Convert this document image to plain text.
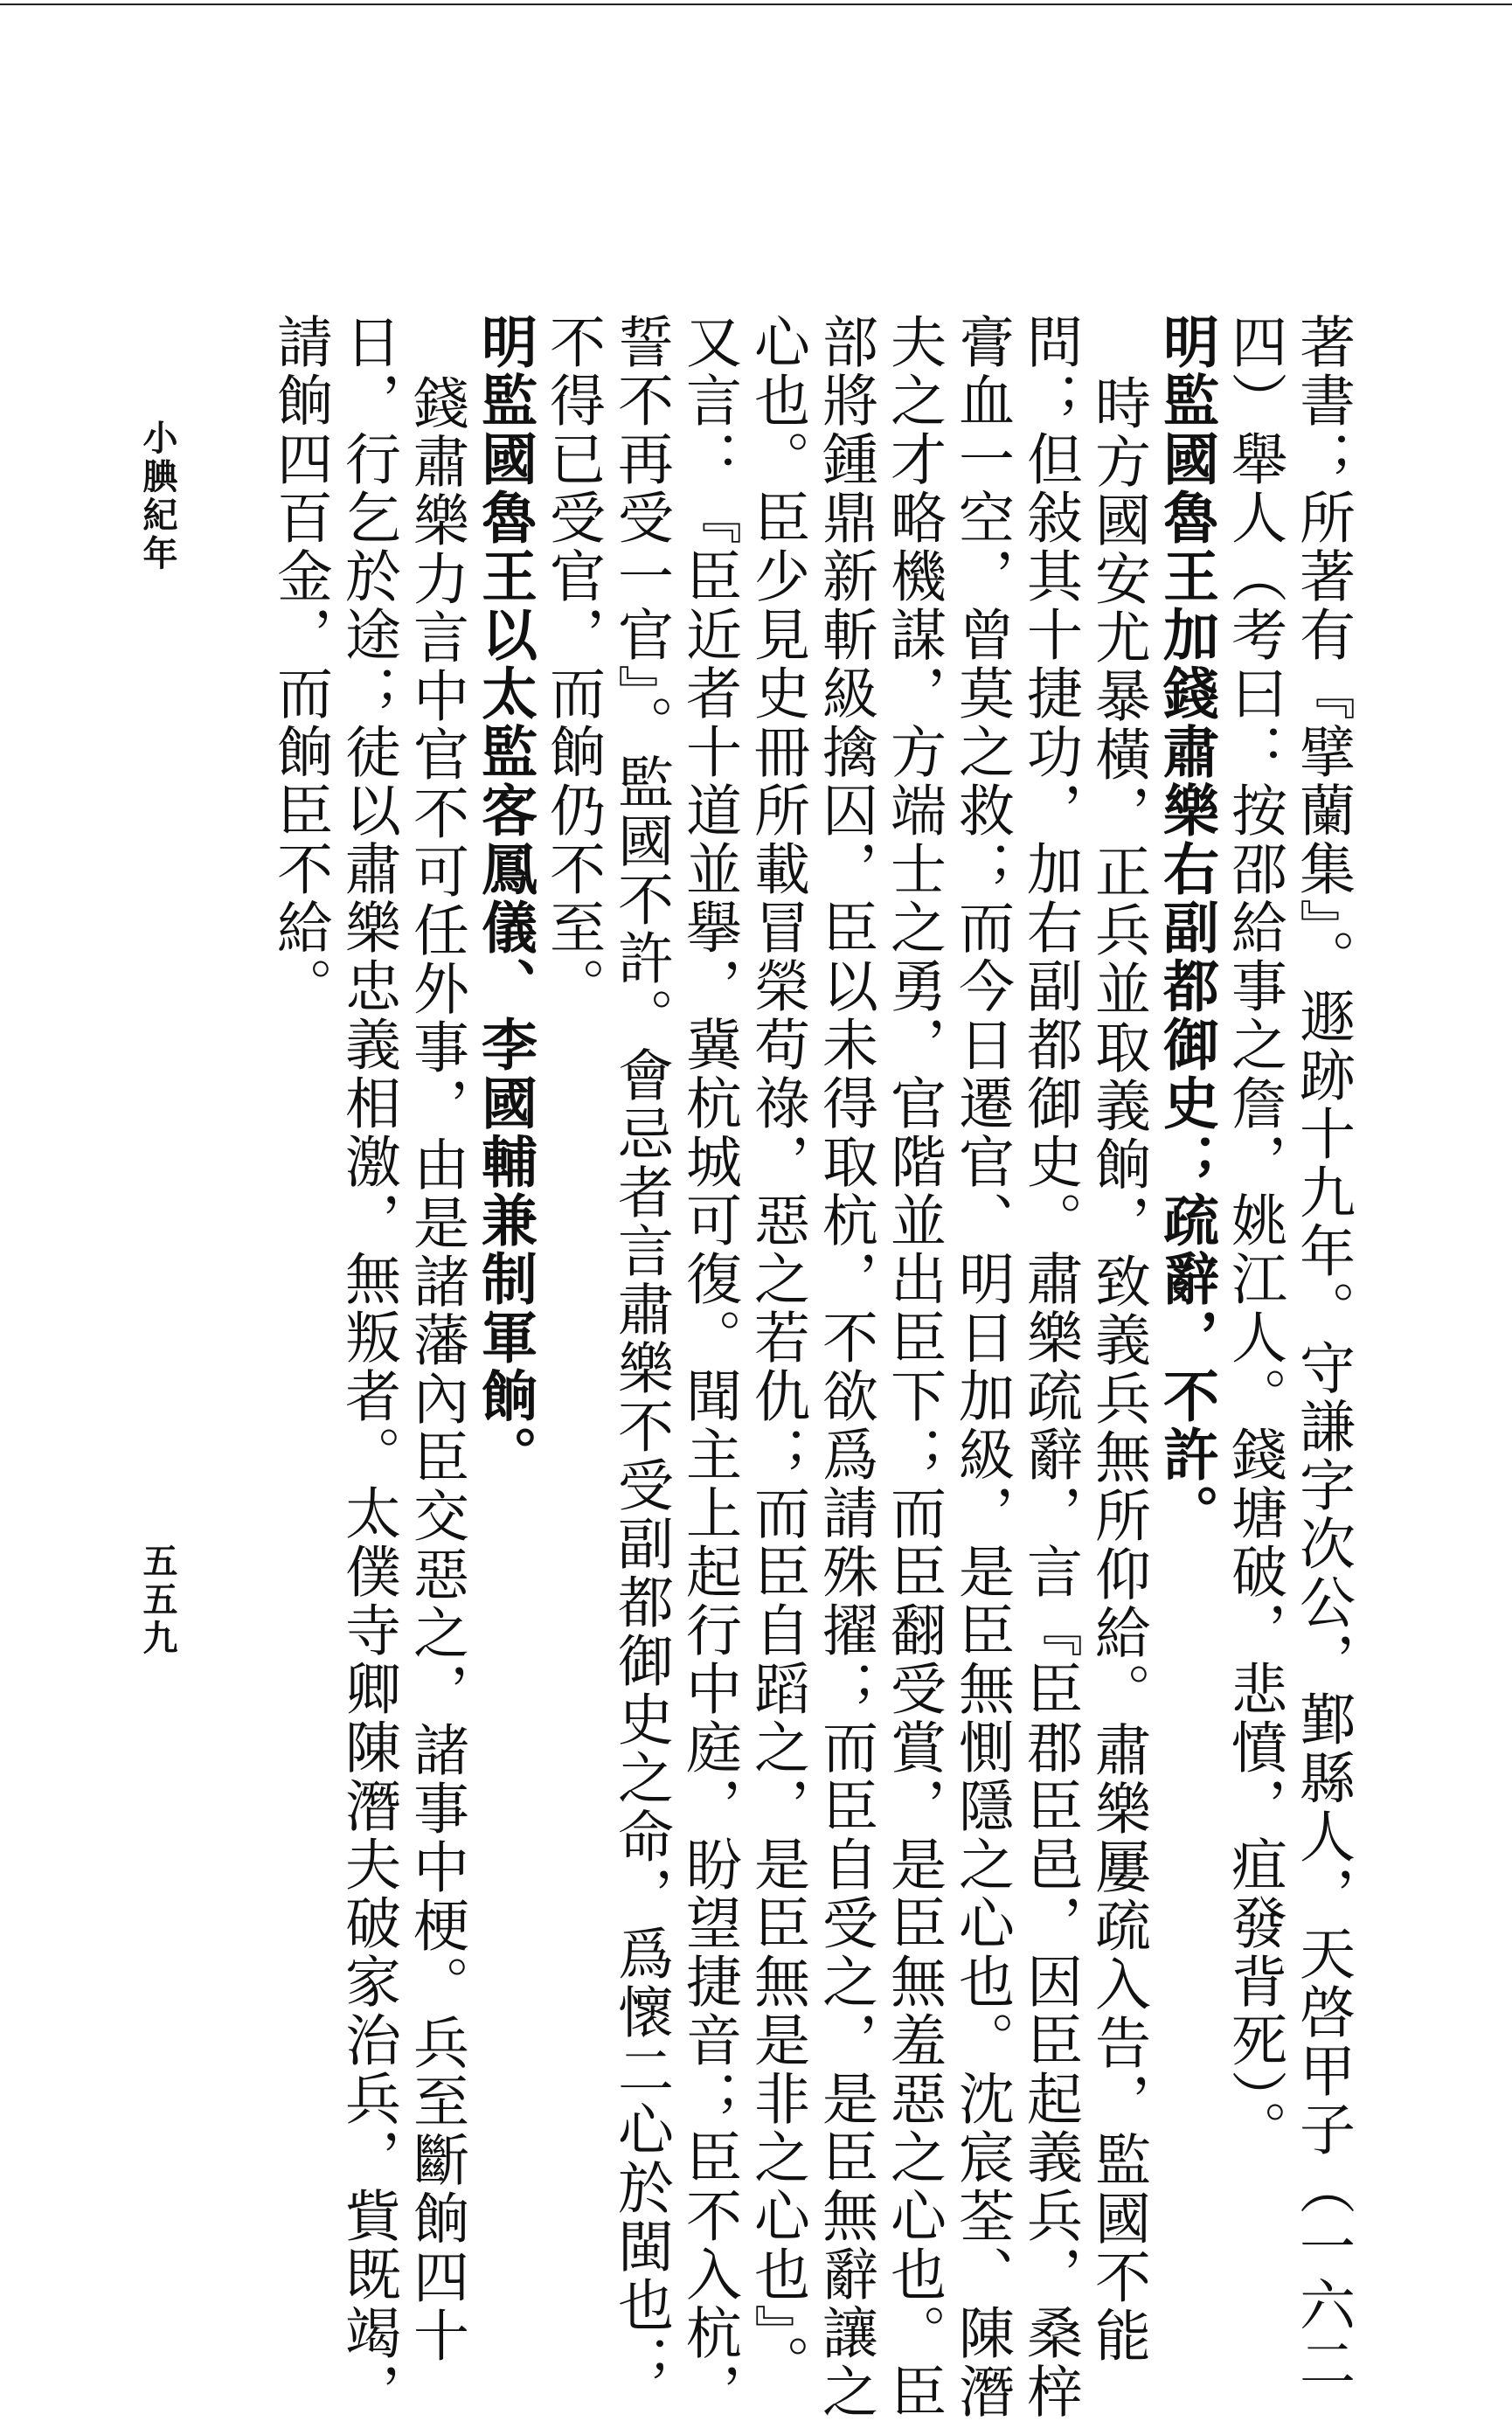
著書；所著有『擘蘭集』。遯跡十九年。守謙字次公，鄞縣人，天啓甲子（一六二

四）舉人（考曰：按邵給事之詹，姚江人。錢塘破，悲憤，疽發背死）。

明監國魯王加錢肅樂右副都御史；疏辭，不許。

時方國安尤暴橫，正兵並取義餉，致義兵無所仰給。肅樂屢疏入告，監國不能

問；但敍其十捷功，加右副都御史。肅樂疏辭，言『臣郡臣邑，因臣起義兵，桑梓

膏血一空，曾莫之救；而今日遷官、明日加級，是臣無惻隱之心也。沈宸荃、陳潛

夫之才略機謀，方端士之勇，官階並出臣下；而臣翻受賞，是臣無羞惡之心也。臣

部將鍾鼎新斬級擒囚，臣以未得取杭，不欲爲請殊擢；而臣自受之，是臣無辭讓之

心也。臣少見史冊所載冒榮苟祿，惡之若仇；而臣自蹈之，是臣無是非之心也』。

又言：『臣近者十道並擧，冀杭城可復。聞主上起行中庭，盼望捷音；臣不入杭，

誓不再受一官』。監國不許。會忌者言肅樂不受副都御史之命，爲懷二心於閩也；

不得已受官，而餉仍不至。

明監國魯王以太監客鳳儀、李國輔兼制軍餉。

錢肅樂力言中官不可任外事，由是諸藩內臣交惡之，諸事中梗。兵至斷餉四十

日，行乞於途；徒以肅樂忠義相激，無叛者。太僕寺卿陳潛夫破家治兵，貲既竭，

請餉四百金，而餉臣不給。

小腆紀年
五五九
